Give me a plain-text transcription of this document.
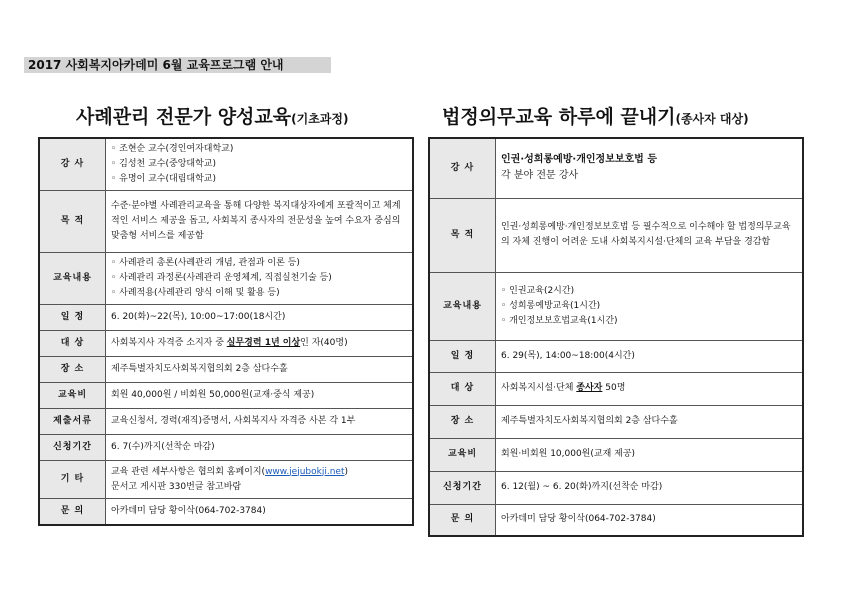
2017 사회복지아카데미 6월 교육프로그램 안내
사례관리 전문가 양성교육(기초과정)	법정의무교육 하루에 끝내기(종사자 대상)
강 사	◦ 조현순 교수(경인여자대학교)
◦ 김성천 교수(중앙대학교)
◦ 유명이 교수(대림대학교)

목 적	수준·분야별 사례관리교육을 통해 다양한 복지대상자에게 포괄적이고 체계적인 서비스 제공을 돕고, 사회복지 종사자의 전문성을 높여 수요자 중심의 맞춤형 서비스를 제공함
교육내용	◦ 사례관리 총론(사례관리 개념, 관점과 이론 등)
◦ 사례관리 과정론(사례관리 운영체계, 직접실천기술 등)
◦ 사례적용(사례관리 양식 이해 및 활용 등)

일 정	6. 20(화)~22(목), 10:00~17:00(18시간)
대 상	사회복지사 자격증 소지자 중 실무경력 1년 이상인 자(40명)
장 소	제주특별자치도사회복지협의회 2층 삼다수홀
교육비	회원 40,000원 / 비회원 50,000원(교재·중식 제공)
제출서류	교육신청서, 경력(재직)증명서, 사회복지사 자격증 사본 각 1부
신청기간	6. 7(수)까지(선착순 마감)
기 타	교육 관련 세부사항은 협의회 홈페이지(www.jejubokji.net)
문서고 게시판 330번글 참고바람
문 의	아카데미 담당 황이삭(064-702-3784)
강 사	인권·성희롱예방·개인정보보호법 등
각 분야 전문 강사
목 적	인권·성희롱예방·개인정보보호법 등 필수적으로 이수해야 할 법정의무교육의 자체 진행이 어려운 도내 사회복지시설·단체의 교육 부담을 경감함
교육내용	◦ 인권교육(2시간)
◦ 성희롱예방교육(1시간)
◦ 개인정보보호법교육(1시간)

일 정	6. 29(목), 14:00~18:00(4시간)
대 상	사회복지시설·단체 종사자 50명
장 소	제주특별자치도사회복지협의회 2층 삼다수홀
교육비	회원·비회원 10,000원(교재 제공)
신청기간	6. 12(월) ~ 6. 20(화)까지(선착순 마감)
문 의	아카데미 담당 황이삭(064-702-3784)
